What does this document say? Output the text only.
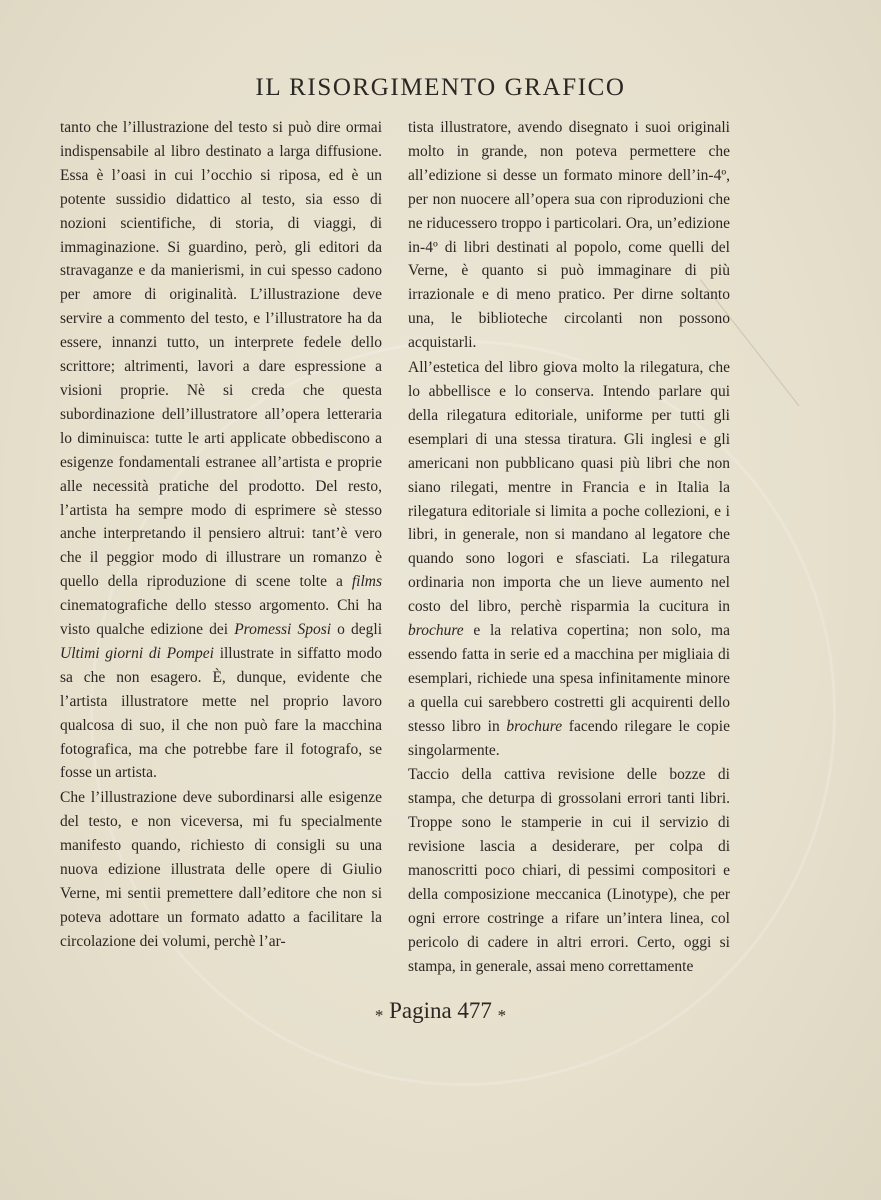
IL RISORGIMENTO GRAFICO

tanto che l’illustrazione del testo si può dire ormai indispensabile al libro destinato a larga diffusione. Essa è l’oasi in cui l’occhio si riposa, ed è un potente sussidio didattico al testo, sia esso di nozioni scientifiche, di storia, di viaggi, di immaginazione. Si guardino, però, gli editori da stravaganze e da manierismi, in cui spesso cadono per amore di originalità. L’illustrazione deve servire a commento del testo, e l’illustratore ha da essere, innanzi tutto, un interprete fedele dello scrittore; altrimenti, lavori a dare espressione a visioni proprie. Nè si creda che questa subordinazione dell’illustratore all’opera letteraria lo diminuisca: tutte le arti applicate obbediscono a esigenze fondamentali estranee all’artista e proprie alle necessità pratiche del prodotto. Del resto, l’artista ha sempre modo di esprimere sè stesso anche interpretando il pensiero altrui: tant’è vero che il peggior modo di illustrare un romanzo è quello della riproduzione di scene tolte a films cinematografiche dello stesso argomento. Chi ha visto qualche edizione dei Promessi Sposi o degli Ultimi giorni di Pompei illustrate in siffatto modo sa che non esagero. È, dunque, evidente che l’artista illustratore mette nel proprio lavoro qualcosa di suo, il che non può fare la macchina fotografica, ma che potrebbe fare il fotografo, se fosse un artista.

Che l’illustrazione deve subordinarsi alle esigenze del testo, e non viceversa, mi fu specialmente manifesto quando, richiesto di consigli su una nuova edizione illustrata delle opere di Giulio Verne, mi sentii premettere dall’editore che non si poteva adottare un formato adatto a facilitare la circolazione dei volumi, perchè l’ar-

tista illustratore, avendo disegnato i suoi originali molto in grande, non poteva permettere che all’edizione si desse un formato minore dell’in-4º, per non nuocere all’opera sua con riproduzioni che ne riducessero troppo i particolari. Ora, un’edizione in-4º di libri destinati al popolo, come quelli del Verne, è quanto si può immaginare di più irrazionale e di meno pratico. Per dirne soltanto una, le biblioteche circolanti non possono acquistarli.

All’estetica del libro giova molto la rilegatura, che lo abbellisce e lo conserva. Intendo parlare qui della rilegatura editoriale, uniforme per tutti gli esemplari di una stessa tiratura. Gli inglesi e gli americani non pubblicano quasi più libri che non siano rilegati, mentre in Francia e in Italia la rilegatura editoriale si limita a poche collezioni, e i libri, in generale, non si mandano al legatore che quando sono logori e sfasciati. La rilegatura ordinaria non importa che un lieve aumento nel costo del libro, perchè risparmia la cucitura in brochure e la relativa copertina; non solo, ma essendo fatta in serie ed a macchina per migliaia di esemplari, richiede una spesa infinitamente minore a quella cui sarebbero costretti gli acquirenti dello stesso libro in brochure facendo rilegare le copie singolarmente.

Taccio della cattiva revisione delle bozze di stampa, che deturpa di grossolani errori tanti libri. Troppe sono le stamperie in cui il servizio di revisione lascia a desiderare, per colpa di manoscritti poco chiari, di pessimi compositori e della composizione meccanica (Linotype), che per ogni errore costringe a rifare un’intera linea, col pericolo di cadere in altri errori. Certo, oggi si stampa, in generale, assai meno correttamente

* Pagina 477 *
